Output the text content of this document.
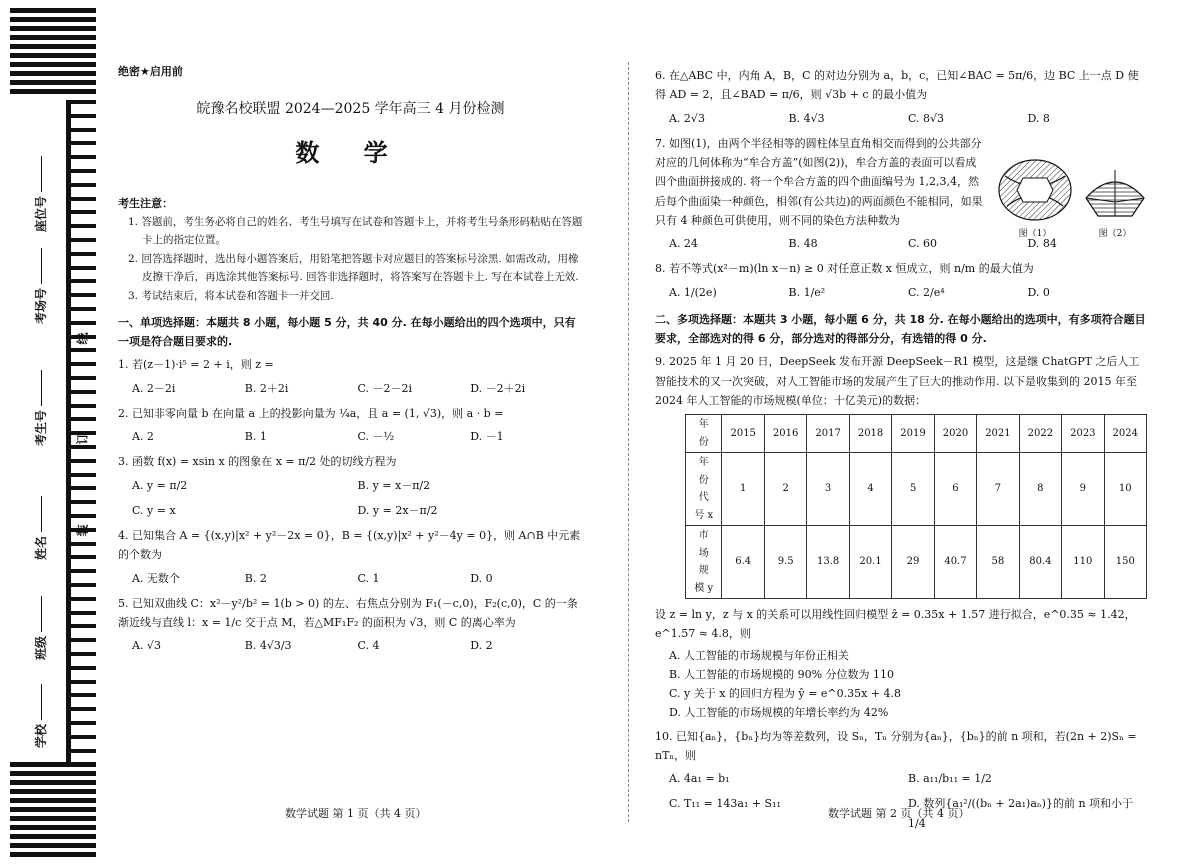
座位号
考场号
考生号
姓名
班级
学校
线
订
装
绝密★启用前
皖豫名校联盟 2024—2025 学年高三 4 月份检测
数 学
考生注意：

1. 答题前，考生务必将自己的姓名、考生号填写在试卷和答题卡上，并将考生号条形码粘贴在答题卡上的指定位置。

2. 回答选择题时，选出每小题答案后，用铅笔把答题卡对应题目的答案标号涂黑. 如需改动，用橡皮擦干净后，再选涂其他答案标号. 回答非选择题时，将答案写在答题卡上. 写在本试卷上无效.

3. 考试结束后，将本试卷和答题卡一并交回.

一、单项选择题：本题共 8 小题，每小题 5 分，共 40 分. 在每小题给出的四个选项中，只有一项是符合题目要求的.
1. 若(z－1)·i⁵ = 2 + i，则 z =
A. 2－2i	B. 2＋2i	C. －2－2i	D. －2＋2i
2. 已知非零向量 b 在向量 a 上的投影向量为 ¼a，且 a = (1, √3)，则 a · b =
A. 2	B. 1	C. －½	D. －1
3. 函数 f(x) = xsin x 的图象在 x = π/2 处的切线方程为
A. y = π/2	B. y = x－π/2
C. y = x	D. y = 2x－π/2
4. 已知集合 A = {(x,y)|x² + y²－2x = 0}，B = {(x,y)|x² + y²－4y = 0}，则 A∩B 中元素的个数为
A. 无数个	B. 2	C. 1	D. 0
5. 已知双曲线 C：x²－y²/b² = 1(b > 0) 的左、右焦点分别为 F₁(－c,0)，F₂(c,0)，C 的一条渐近线与直线 l：x = 1/c 交于点 M，若△MF₁F₂ 的面积为 √3，则 C 的离心率为
A. √3	B. 4√3/3	C. 4	D. 2
数学试题 第 1 页（共 4 页）
6. 在△ABC 中，内角 A，B，C 的对边分别为 a，b，c，已知∠BAC = 5π/6，边 BC 上一点 D 使得 AD = 2，且∠BAD = π/6，则 √3b + c 的最小值为
A. 2√3	B. 4√3	C. 8√3	D. 8
7. 如图(1)，由两个半径相等的圆柱体呈直角相交而得到的公共部分对应的几何体称为“牟合方盖”(如图(2))，牟合方盖的表面可以看成四个曲面拼接成的. 将一个牟合方盖的四个曲面编号为 1,2,3,4，然后每个曲面染一种颜色，相邻(有公共边)的两面颜色不能相同，如果只有 4 种颜色可供使用，则不同的染色方法种数为
A. 24	B. 48	C. 60	D. 84
8. 若不等式(x²－m)(ln x－n) ≥ 0 对任意正数 x 恒成立，则 n/m 的最大值为
A. 1/(2e)	B. 1/e²	C. 2/e⁴	D. 0
二、多项选择题：本题共 3 小题，每小题 6 分，共 18 分. 在每小题给出的选项中，有多项符合题目要求，全部选对的得 6 分，部分选对的得部分分，有选错的得 0 分.
9. 2025 年 1 月 20 日，DeepSeek 发布开源 DeepSeek－R1 模型，这是继 ChatGPT 之后人工智能技术的又一次突破，对人工智能市场的发展产生了巨大的推动作用. 以下是收集到的 2015 年至 2024 年人工智能的市场规模(单位：十亿美元)的数据：
年份	2015	2016	2017	2018	2019	2020	2021	2022	2023	2024
年份代号 x	1	2	3	4	5	6	7	8	9	10
市场规模 y	6.4	9.5	13.8	20.1	29	40.7	58	80.4	110	150
设 z = ln y，z 与 x 的关系可以用线性回归模型 ẑ = 0.35x + 1.57 进行拟合，e^0.35 ≈ 1.42，e^1.57 ≈ 4.8，则
A. 人工智能的市场规模与年份正相关
B. 人工智能的市场规模的 90% 分位数为 110
C. y 关于 x 的回归方程为 ŷ = e^0.35x + 4.8
D. 人工智能的市场规模的年增长率约为 42%
10. 已知{aₙ}，{bₙ}均为等差数列，设 Sₙ，Tₙ 分别为{aₙ}，{bₙ}的前 n 项和，若(2n + 2)Sₙ = nTₙ，则
A. 4a₁ = b₁	B. a₁₁/b₁₁ = 1/2
C. T₁₁ = 143a₁ + S₁₁	D. 数列{a₁²/((bₙ + 2a₁)aₙ)}的前 n 项和小于 1/4
图（1）	图（2）
数学试题 第 2 页（共 4 页）
